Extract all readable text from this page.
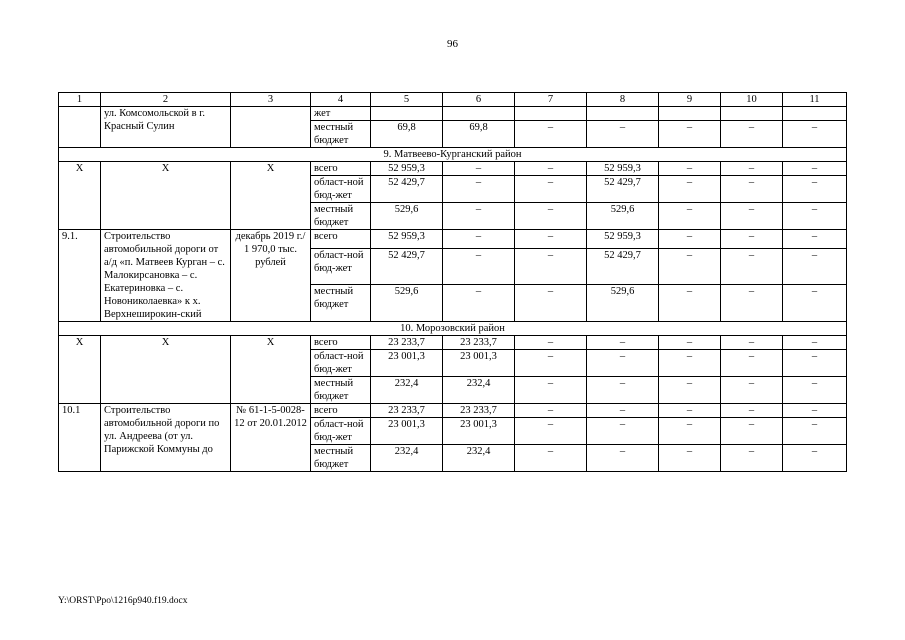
96
1	2	3	4	5	6	7	8	9	10	11
	ул. Комсомольской в г. Красный Сулин		жет							
			местный бюджет	69,8	69,8	–	–	–	–	–
9. Матвеево-Курганский район										
Х	Х	Х	всего	52 959,3	–	–	52 959,3	–	–	–
			област-ной бюд-жет	52 429,7	–	–	52 429,7	–	–	–
			местный бюджет	529,6	–	–	529,6	–	–	–
9.1.	Строительство автомобильной дороги от а/д «п. Матвеев Курган – с. Малокирсановка – с. Екатериновка – с. Новониколаевка» к х. Верхнеширокин-ский	декабрь 2019 г./ 1 970,0 тыс. рублей	всего	52 959,3	–	–	52 959,3	–	–	–
			област-ной бюд-жет	52 429,7	–	–	52 429,7	–	–	–
			местный бюджет	529,6	–	–	529,6	–	–	–
10. Морозовский район										
Х	Х	Х	всего	23 233,7	23 233,7	–	–	–	–	–
			област-ной бюд-жет	23 001,3	23 001,3	–	–	–	–	–
			местный бюджет	232,4	232,4	–	–	–	–	–
10.1	Строительство автомобильной дороги по ул. Андреева (от ул. Парижской Коммуны до	№ 61-1-5-0028-12 от 20.01.2012	всего	23 233,7	23 233,7	–	–	–	–	–
			област-ной бюд-жет	23 001,3	23 001,3	–	–	–	–	–
			местный бюджет	232,4	232,4	–	–	–	–	–
Y:\ORST\Ppo\1216p940.f19.docx
